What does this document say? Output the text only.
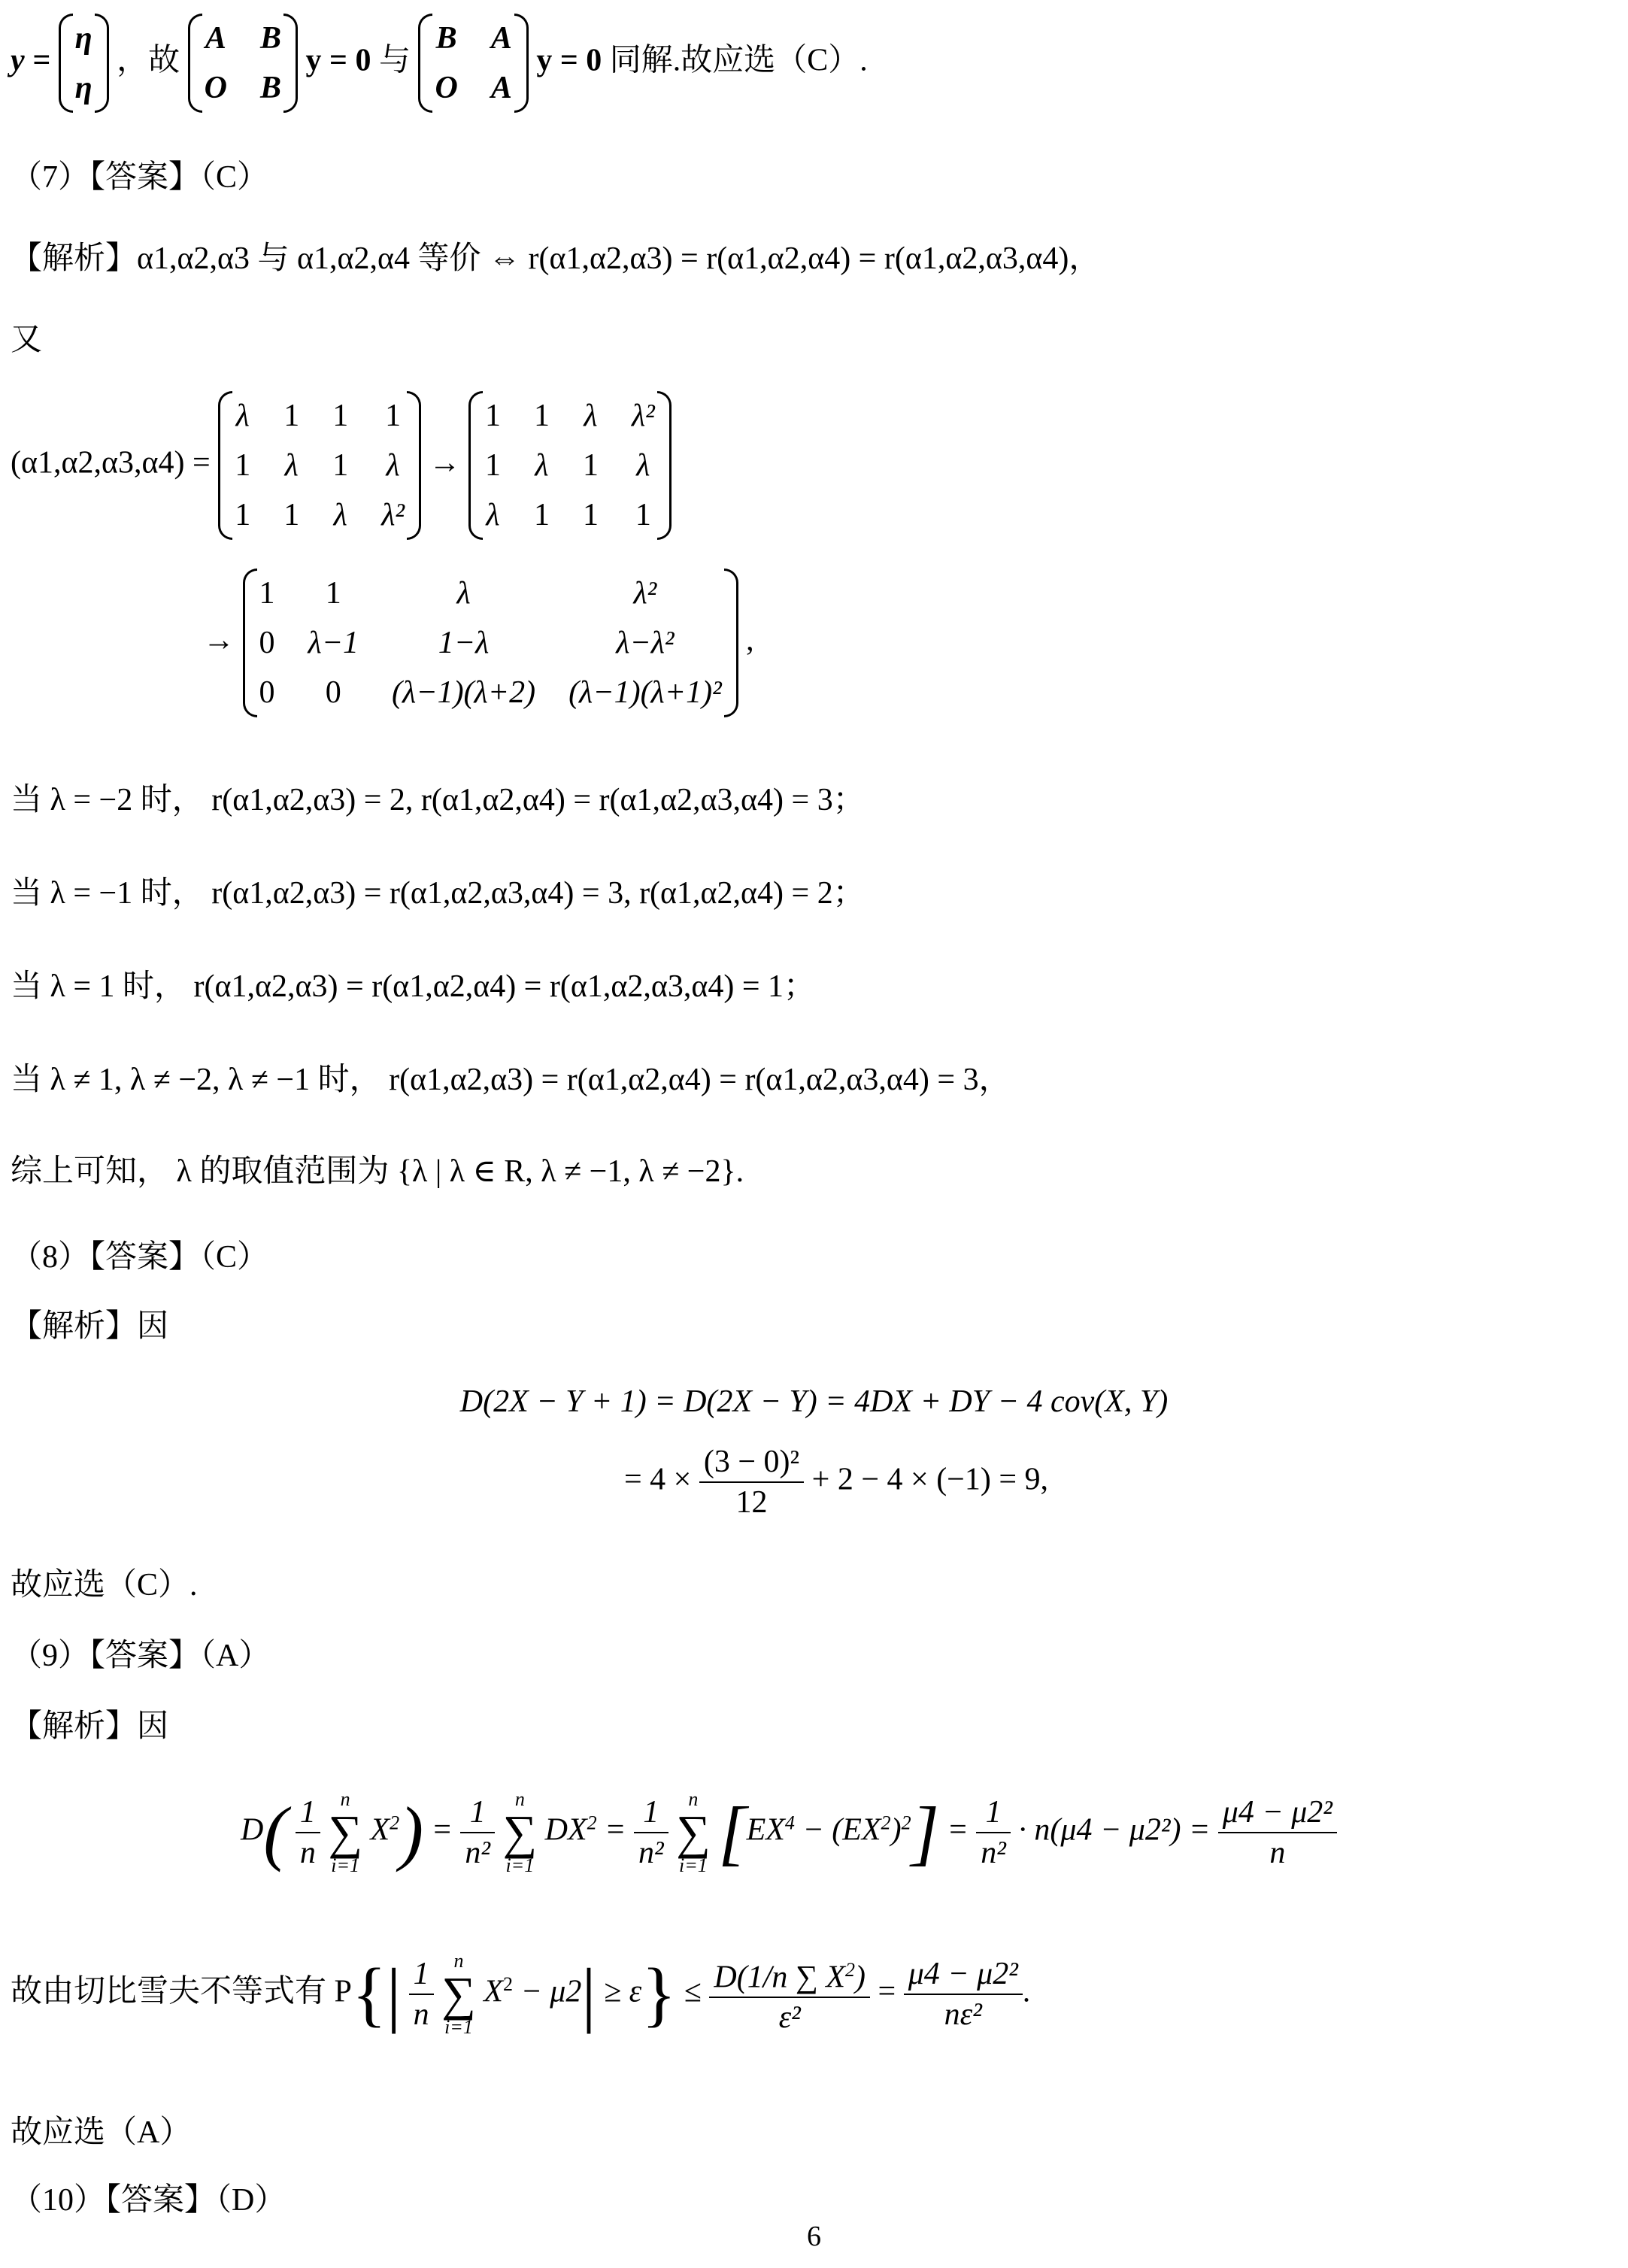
y =
η
η
，故
A	B
O	B
y = 0 与
B	A
O	A
y = 0 同解.故应选（C）.
（7）【答案】（C）
【解析】α1,α2,α3 与 α1,α2,α4 等价 ⇔ r(α1,α2,α3) = r(α1,α2,α4) = r(α1,α2,α3,α4)，
又
(α1,α2,α3,α4) =
λ	1	1	1
1	λ	1	λ
1	1	λ	λ²
→
1	1	λ	λ²
1	λ	1	λ
λ	1	1	1
→
1	1	λ	λ²
0	λ−1	1−λ	λ−λ²
0	0	(λ−1)(λ+2)	(λ−1)(λ+1)²
,
当 λ = −2 时， r(α1,α2,α3) = 2, r(α1,α2,α4) = r(α1,α2,α3,α4) = 3；
当 λ = −1 时， r(α1,α2,α3) = r(α1,α2,α3,α4) = 3, r(α1,α2,α4) = 2；
当 λ = 1 时， r(α1,α2,α3) = r(α1,α2,α4) = r(α1,α2,α3,α4) = 1；
当 λ ≠ 1, λ ≠ −2, λ ≠ −1 时， r(α1,α2,α3) = r(α1,α2,α4) = r(α1,α2,α3,α4) = 3，
综上可知， λ 的取值范围为 {λ | λ ∈ R, λ ≠ −1, λ ≠ −2}.
（8）【答案】（C）
【解析】因
D(2X − Y + 1) = D(2X − Y) = 4DX + DY − 4 cov(X, Y)
= $4 \times \frac{\text{(3 − 0)²}}{12} + 2 - 4 \times (-1) = 9$,
故应选（C）.
（9）【答案】（A）
【解析】因
$D( \frac{1}{n}$
	n
∑
i=1
$X^2) = \frac{1}{\text{n²}}$
	n
∑
i=1
$DX^2 = \frac{1}{\text{n²}}$
	n
∑
i=1 $[EX^4 - (EX^2)^2] = \frac{1}{\text{n²}} \cdot n(\mu 4 - \mu 2^2) = \frac{\text{μ4 − μ2²}}{n}$
故由切比雪夫不等式有 $P\{| \frac{1}{n}$
	n
∑
i=1
$X^2 - \mu 2| \ge \varepsilon\} \le \frac{D(1/n \sum X^2)}{\text{ε²}} = \frac{\text{μ4 − μ2²}}{\text{nε²}}$ .
故应选（A）
（10）【答案】（D）
6
